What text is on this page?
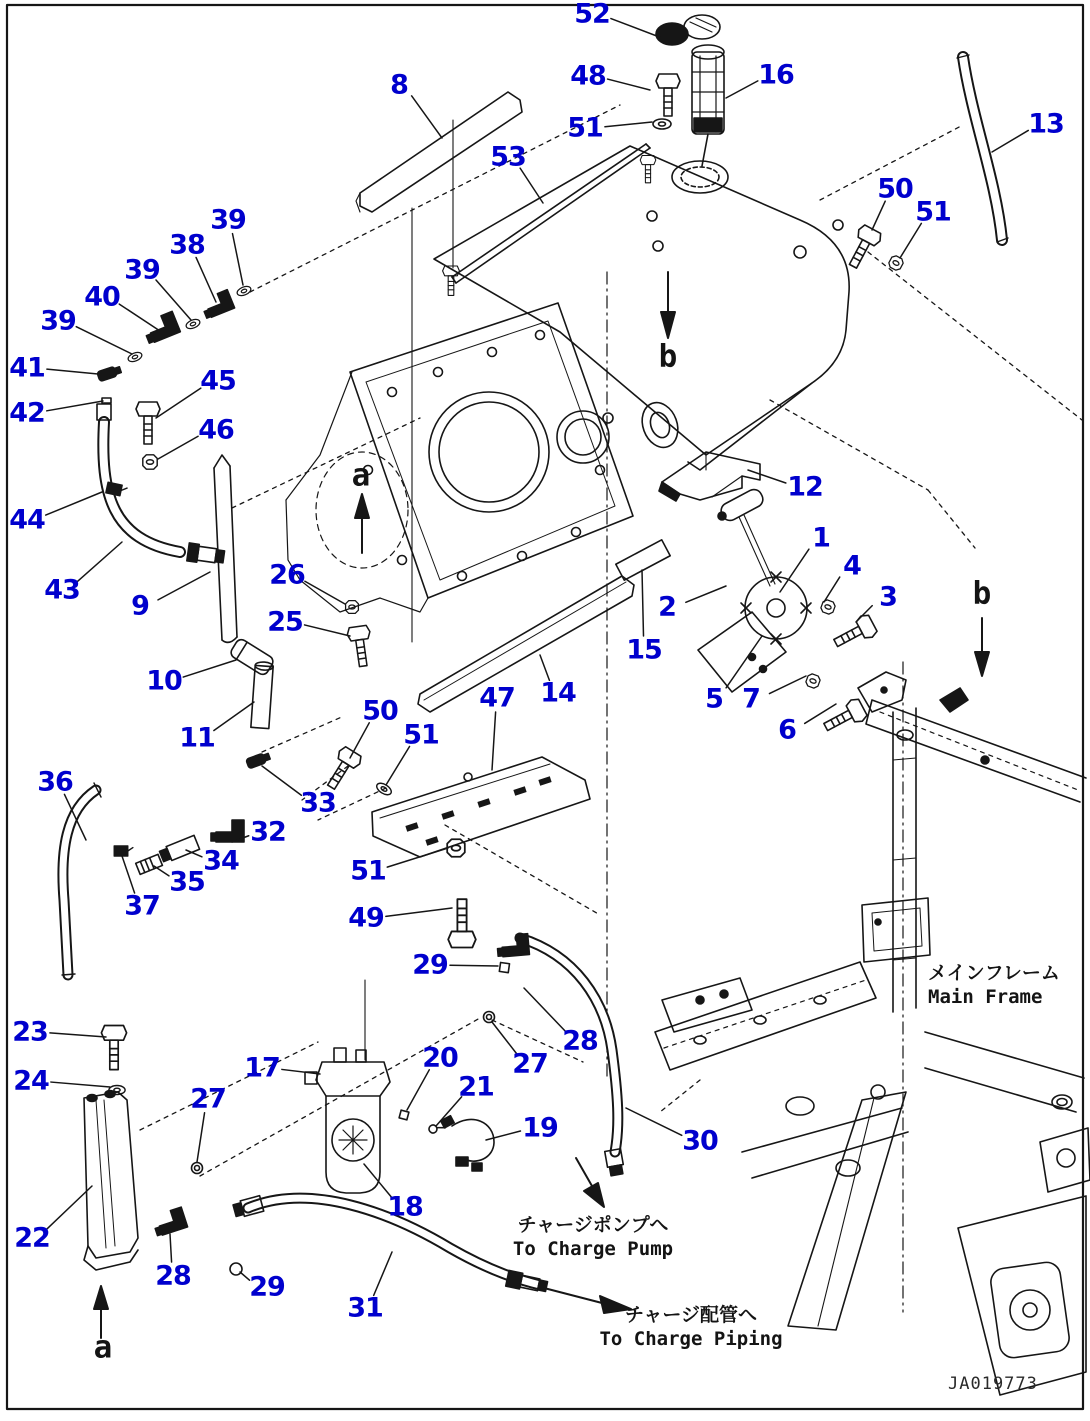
52
48
51
16
8
53
13
50
51
39
38
39
40
39
41
42
45
46
44
43
9
26
25
10
11
12
2
1
4
3
15
14	5 7
6
36
33
32
34
35
37
50
51
47
51
49
29
23
24
28
27
17	20
21
19	30
22
27
28 29
18
31
a
b
b
a
チャージポンプへ
To Charge Pump
チャージ配管へ
To Charge Piping
メインフレーム
Main Frame
JA019773
